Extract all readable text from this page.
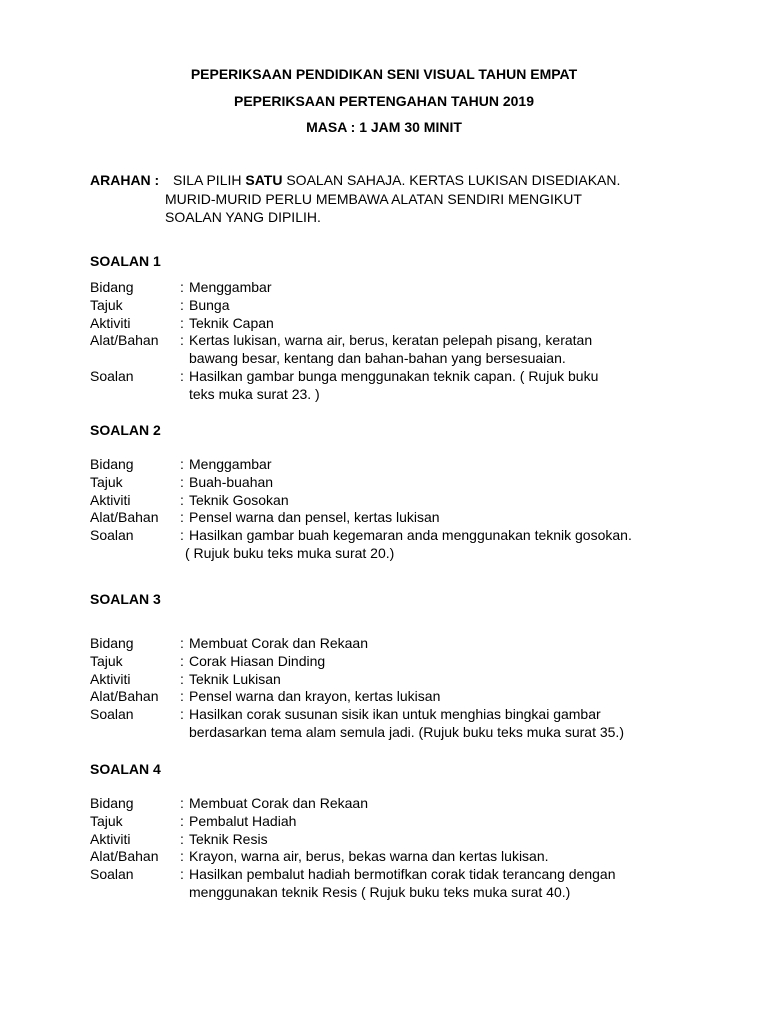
PEPERIKSAAN PENDIDIKAN SENI VISUAL TAHUN EMPAT
PEPERIKSAAN PERTENGAHAN TAHUN 2019
MASA : 1 JAM 30 MINIT
ARAHAN : SILA PILIH SATU SOALAN SAHAJA. KERTAS LUKISAN DISEDIAKAN.
MURID-MURID PERLU MEMBAWA ALATAN SENDIRI MENGIKUT
SOALAN YANG DIPILIH.
SOALAN 1
Bidang	: Menggambar
Tajuk	: Bunga
Aktiviti	: Teknik Capan
Alat/Bahan	: Kertas lukisan, warna air, berus, keratan pelepah pisang, keratan
bawang besar, kentang dan bahan-bahan yang bersesuaian.
Soalan	: Hasilkan gambar bunga menggunakan teknik capan. ( Rujuk buku
teks muka surat 23. )
SOALAN 2
Bidang	: Menggambar
Tajuk	: Buah-buahan
Aktiviti	: Teknik Gosokan
Alat/Bahan	: Pensel warna dan pensel, kertas lukisan
Soalan	: Hasilkan gambar buah kegemaran anda menggunakan teknik gosokan.
( Rujuk buku teks muka surat 20.)
SOALAN 3
Bidang	: Membuat Corak dan Rekaan
Tajuk	: Corak Hiasan Dinding
Aktiviti	: Teknik Lukisan
Alat/Bahan	: Pensel warna dan krayon, kertas lukisan
Soalan	: Hasilkan corak susunan sisik ikan untuk menghias bingkai gambar
berdasarkan tema alam semula jadi. (Rujuk buku teks muka surat 35.)
SOALAN 4
Bidang	: Membuat Corak dan Rekaan
Tajuk	: Pembalut Hadiah
Aktiviti	: Teknik Resis
Alat/Bahan	: Krayon, warna air, berus, bekas warna dan kertas lukisan.
Soalan	: Hasilkan pembalut hadiah bermotifkan corak tidak terancang dengan
menggunakan teknik Resis ( Rujuk buku teks muka surat 40.)
